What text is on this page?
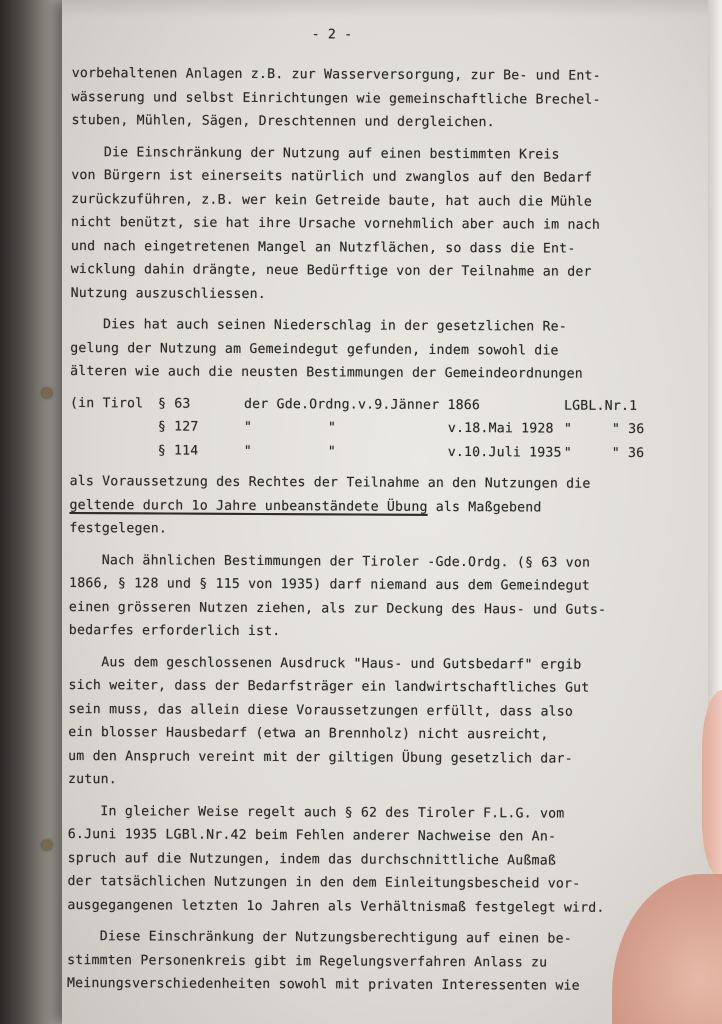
- 2 -
vorbehaltenen Anlagen z.B. zur Wasserversorgung, zur Be- und Ent-
wässerung und selbst Einrichtungen wie gemeinschaftliche Brechel-
stuben, Mühlen, Sägen, Dreschtennen und dergleichen.
Die Einschränkung der Nutzung auf einen bestimmten Kreis
von Bürgern ist einerseits natürlich und zwanglos auf den Bedarf
zurückzuführen, z.B. wer kein Getreide baute, hat auch die Mühle
nicht benützt, sie hat ihre Ursache vornehmlich aber auch im nach
und nach eingetretenen Mangel an Nutzflächen, so dass die Ent-
wicklung dahin drängte, neue Bedürftige von der Teilnahme an der
Nutzung auszuschliessen.
Dies hat auch seinen Niederschlag in der gesetzlichen Re-
gelung der Nutzung am Gemeindegut gefunden, indem sowohl die
älteren wie auch die neusten Bestimmungen der Gemeindeordnungen
(in Tirol	§ 63	der Gde.Ordng.v.9.Jänner 1866	LGBL.Nr.1
§ 127	"	"	v.18.Mai 1928 "	" 36
§ 114	"	"	v.10.Juli 1935 "	" 36
als Voraussetzung des Rechtes der Teilnahme an den Nutzungen die
geltende durch 1o Jahre unbeanständete Übung als Maßgebend
festgelegen.
Nach ähnlichen Bestimmungen der Tiroler -Gde.Ordg. (§ 63 von
1866, § 128 und § 115 von 1935) darf niemand aus dem Gemeindegut
einen grösseren Nutzen ziehen, als zur Deckung des Haus- und Guts-
bedarfes erforderlich ist.
Aus dem geschlossenen Ausdruck "Haus- und Gutsbedarf" ergib
sich weiter, dass der Bedarfsträger ein landwirtschaftliches Gut
sein muss, das allein diese Voraussetzungen erfüllt, dass also
ein blosser Hausbedarf (etwa an Brennholz) nicht ausreicht,
um den Anspruch vereint mit der giltigen Übung gesetzlich dar-
zutun.
In gleicher Weise regelt auch § 62 des Tiroler F.L.G. vom
6.Juni 1935 LGBl.Nr.42 beim Fehlen anderer Nachweise den An-
spruch auf die Nutzungen, indem das durchschnittliche Außmaß
der tatsächlichen Nutzungen in den dem Einleitungsbescheid vor-
ausgegangenen letzten 1o Jahren als Verhältnismaß festgelegt wird.
Diese Einschränkung der Nutzungsberechtigung auf einen be-
stimmten Personenkreis gibt im Regelungsverfahren Anlass zu
Meinungsverschiedenheiten sowohl mit privaten Interessenten wie
